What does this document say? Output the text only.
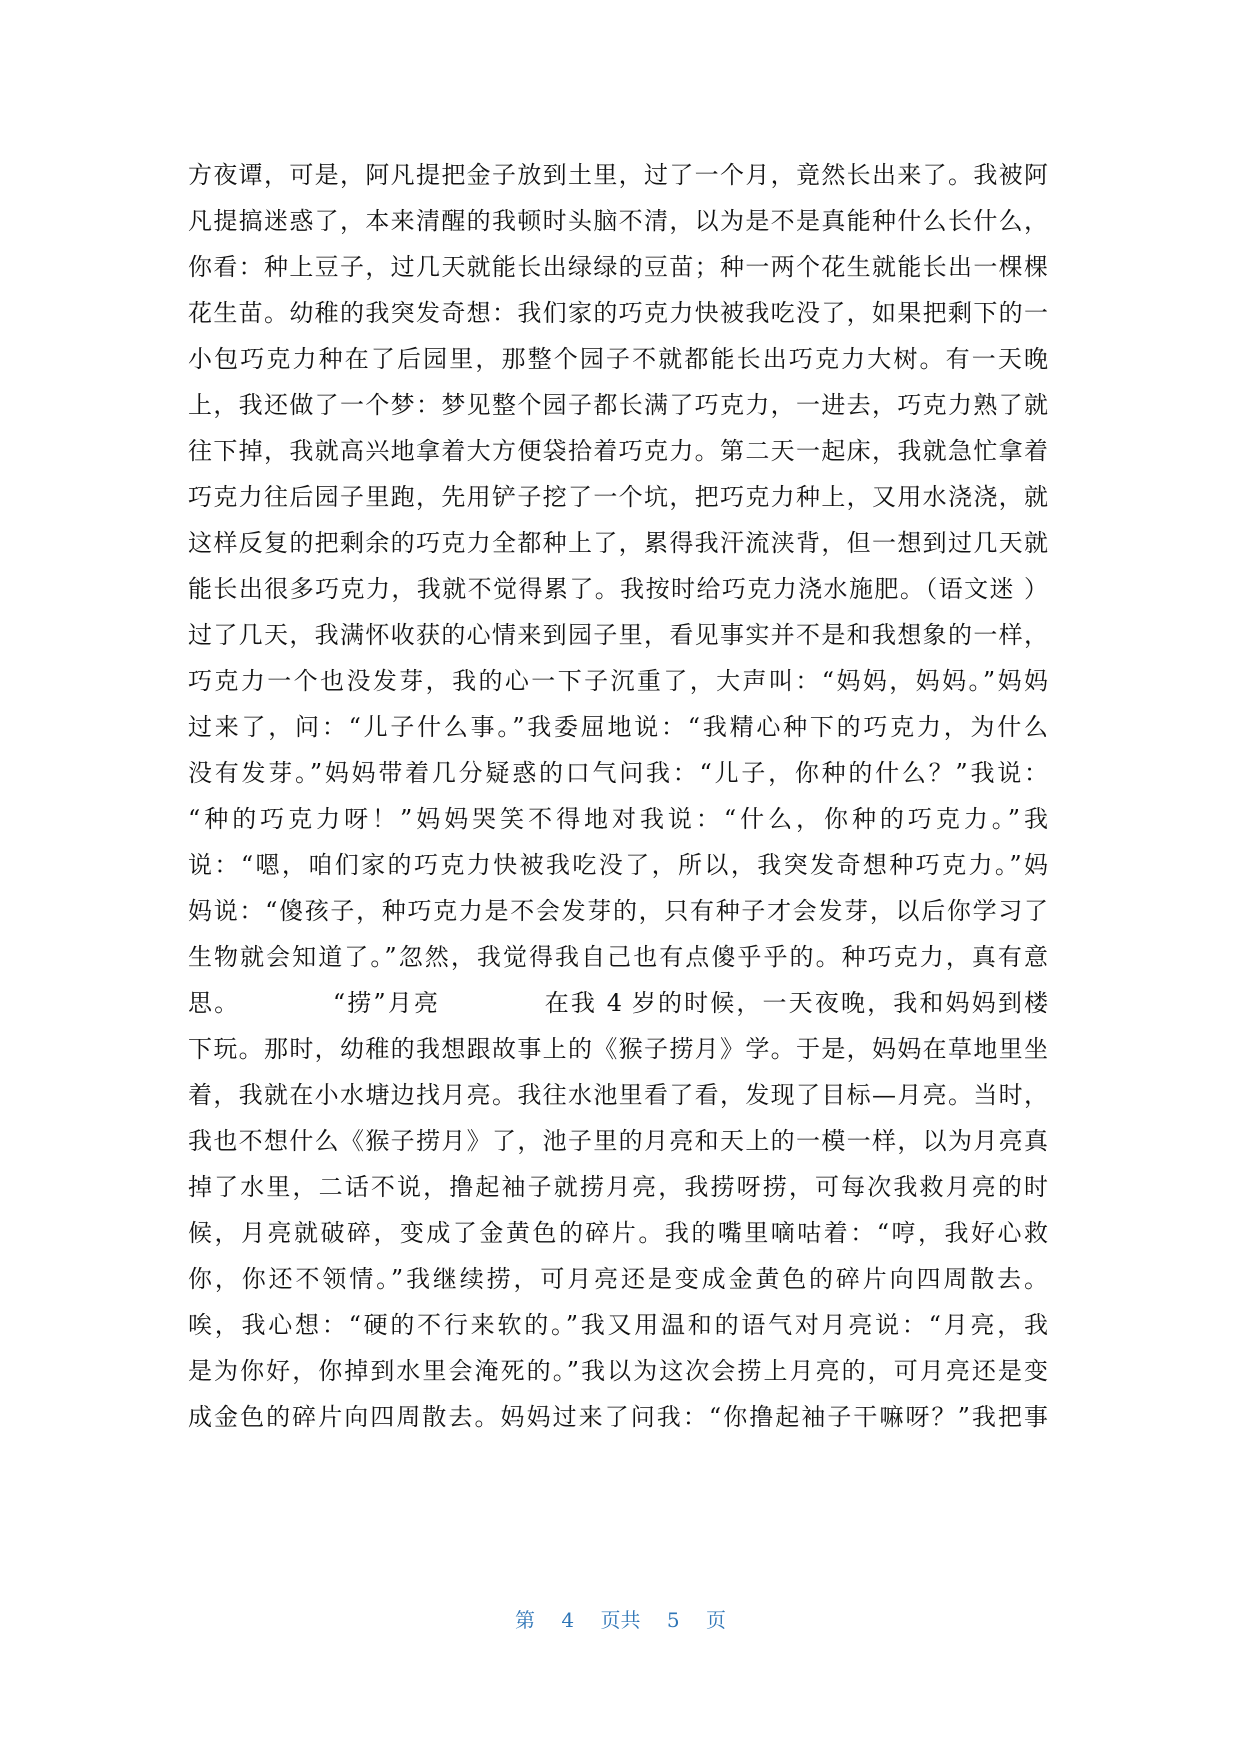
方夜谭，可是，阿凡提把金子放到土里，过了一个月，竟然长出来了。我被阿
凡提搞迷惑了，本来清醒的我顿时头脑不清，以为是不是真能种什么长什么，
你看：种上豆子，过几天就能长出绿绿的豆苗；种一两个花生就能长出一棵棵
花生苗。幼稚的我突发奇想：我们家的巧克力快被我吃没了，如果把剩下的一
小包巧克力种在了后园里，那整个园子不就都能长出巧克力大树。有一天晚
上，我还做了一个梦：梦见整个园子都长满了巧克力，一进去，巧克力熟了就
往下掉，我就高兴地拿着大方便袋拾着巧克力。第二天一起床，我就急忙拿着
巧克力往后园子里跑，先用铲子挖了一个坑，把巧克力种上，又用水浇浇，就
这样反复的把剩余的巧克力全都种上了，累得我汗流浃背，但一想到过几天就
能长出很多巧克力，我就不觉得累了。我按时给巧克力浇水施肥。（语文迷 ）
过了几天，我满怀收获的心情来到园子里，看见事实并不是和我想象的一样，
巧克力一个也没发芽，我的心一下子沉重了，大声叫：“妈妈，妈妈。”妈妈
过来了，问：“儿子什么事。”我委屈地说：“我精心种下的巧克力，为什么
没有发芽。”妈妈带着几分疑惑的口气问我：“儿子，你种的什么？”我说：
“种的巧克力呀！”妈妈哭笑不得地对我说：“什么，你种的巧克力。”我
说：“嗯，咱们家的巧克力快被我吃没了，所以，我突发奇想种巧克力。”妈
妈说：“傻孩子，种巧克力是不会发芽的，只有种子才会发芽，以后你学习了
生物就会知道了。”忽然，我觉得我自己也有点傻乎乎的。种巧克力，真有意
思。　　　　“捞”月亮　　　　在我 4 岁的时候，一天夜晚，我和妈妈到楼
下玩。那时，幼稚的我想跟故事上的《猴子捞月》学。于是，妈妈在草地里坐
着，我就在小水塘边找月亮。我往水池里看了看，发现了目标—月亮。当时，
我也不想什么《猴子捞月》了，池子里的月亮和天上的一模一样，以为月亮真
掉了水里，二话不说，撸起袖子就捞月亮，我捞呀捞，可每次我救月亮的时
候，月亮就破碎，变成了金黄色的碎片。我的嘴里嘀咕着：“哼，我好心救
你，你还不领情。”我继续捞，可月亮还是变成金黄色的碎片向四周散去。
唉，我心想：“硬的不行来软的。”我又用温和的语气对月亮说：“月亮，我
是为你好，你掉到水里会淹死的。”我以为这次会捞上月亮的，可月亮还是变
成金色的碎片向四周散去。妈妈过来了问我：“你撸起袖子干嘛呀？”我把事
第 4 页共 5 页
